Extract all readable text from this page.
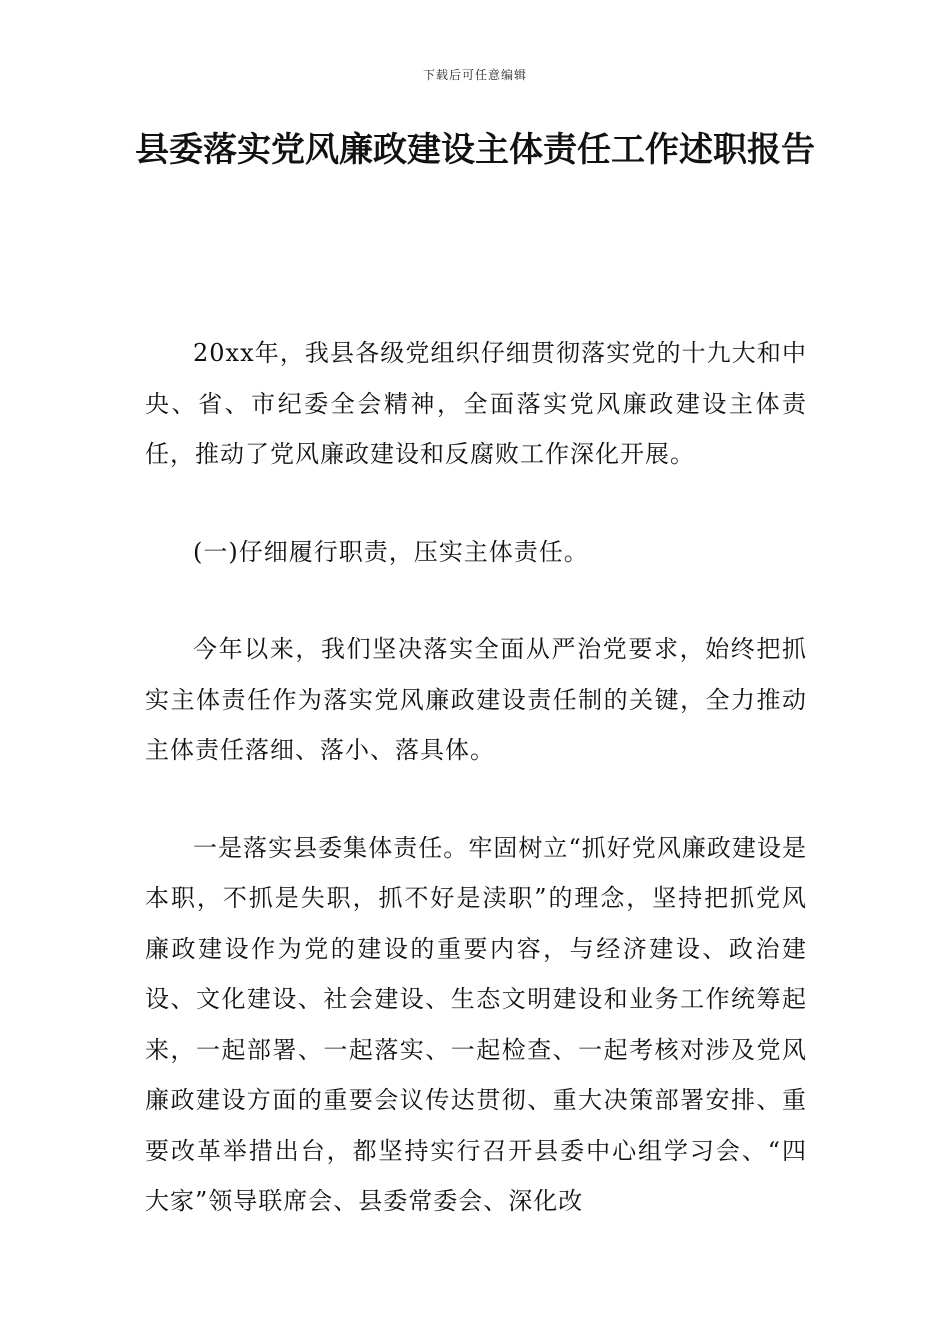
下载后可任意编辑
县委落实党风廉政建设主体责任工作述职报告

20xx年，我县各级党组织仔细贯彻落实党的十九大和中央、省、市纪委全会精神，全面落实党风廉政建设主体责任，推动了党风廉政建设和反腐败工作深化开展。

(一)仔细履行职责，压实主体责任。

今年以来，我们坚决落实全面从严治党要求，始终把抓实主体责任作为落实党风廉政建设责任制的关键，全力推动主体责任落细、落小、落具体。

一是落实县委集体责任。牢固树立“抓好党风廉政建设是本职，不抓是失职，抓不好是渎职”的理念，坚持把抓党风廉政建设作为党的建设的重要内容，与经济建设、政治建设、文化建设、社会建设、生态文明建设和业务工作统筹起来，一起部署、一起落实、一起检查、一起考核对涉及党风廉政建设方面的重要会议传达贯彻、重大决策部署安排、重要改革举措出台，都坚持实行召开县委中心组学习会、“四大家”领导联席会、县委常委会、深化改
